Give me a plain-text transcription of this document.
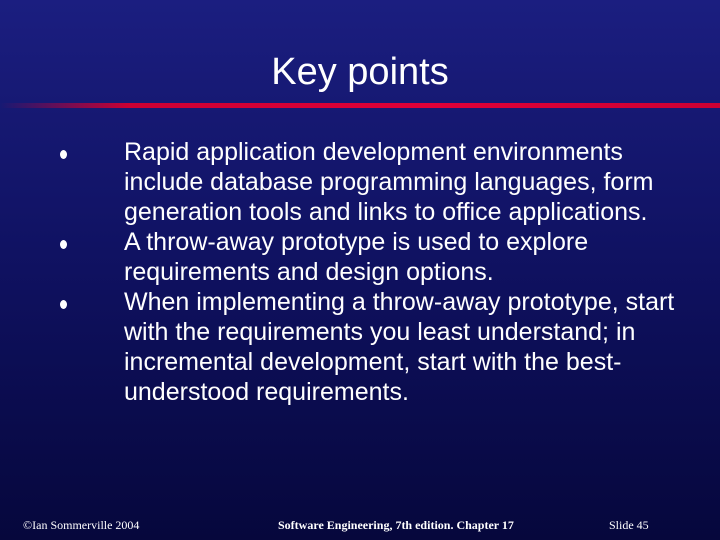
Key points
Rapid application development environments include database programming languages, form generation tools and links to office applications.
A throw-away prototype is used to explore requirements and design options.
When implementing a throw-away prototype, start with the requirements you least understand; in incremental development, start with the best-understood requirements.
©Ian Sommerville 2004	Software Engineering, 7th edition. Chapter 17	Slide 45
